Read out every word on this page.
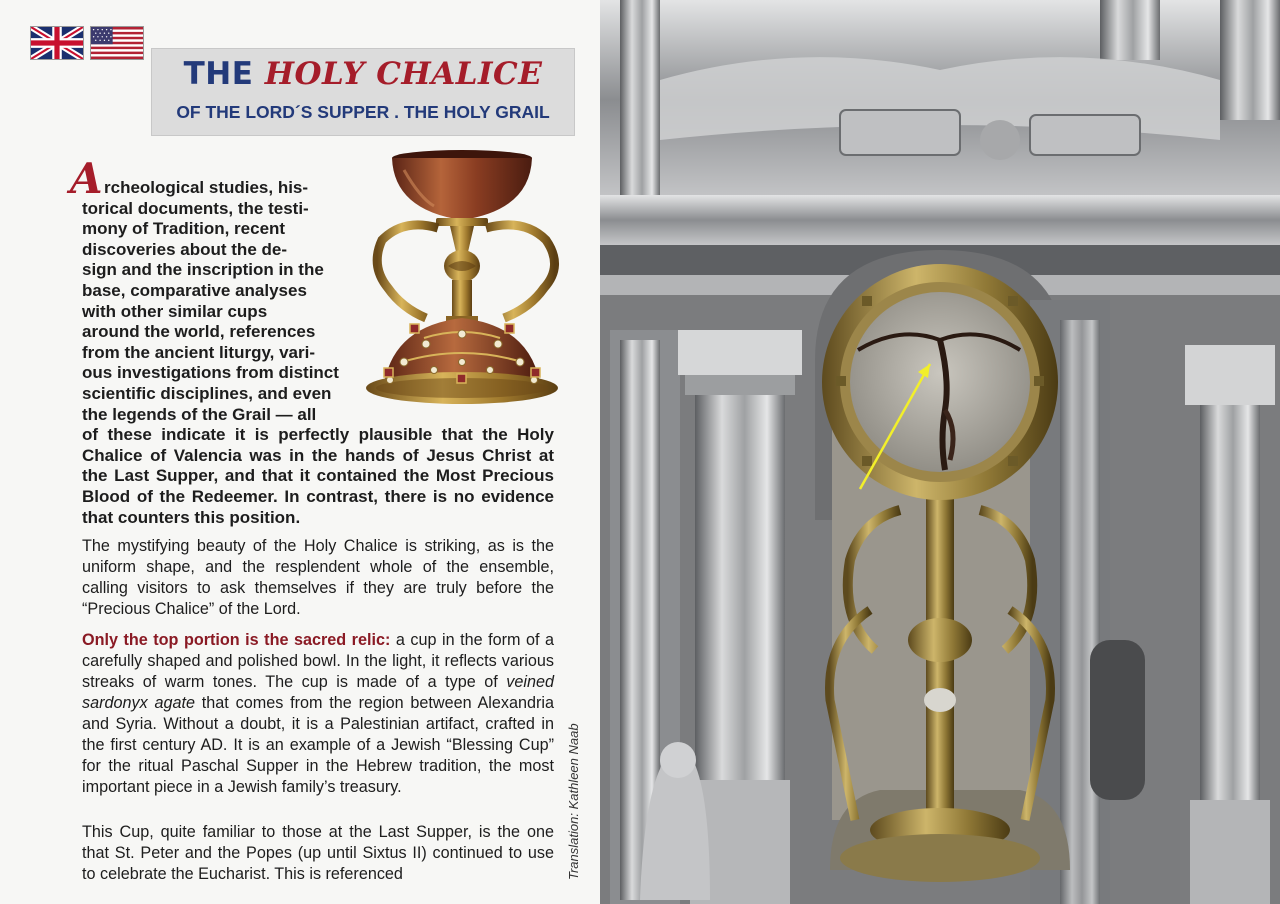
THE HOLY CHALICE
OF THE LORD´S SUPPER . THE HOLY GRAIL
A rcheological studies, his-
torical documents, the testi-
mony of Tradition, recent
discoveries about the de-
sign and the inscription in the
base, comparative analyses
with other similar cups
around the world, references
from the ancient liturgy, vari-
ous investigations from distinct
scientific disciplines, and even
the legends of the Grail — all
of these indicate it is perfectly plausible that the Holy Chalice of Valencia was in the hands of Jesus Christ at the Last Supper, and that it contained the Most Precious Blood of the Redeemer. In contrast, there is no evidence that counters this position.
The mystifying beauty of the Holy Chalice is striking, as is the uniform shape, and the resplendent whole of the ensemble, calling visitors to ask themselves if they are truly before the “Precious Chalice” of the Lord.
Only the top portion is the sacred relic: a cup in the form of a carefully shaped and polished bowl. In the light, it reflects various streaks of warm tones. The cup is made of a type of veined sardonyx agate that comes from the region between Alexandria and Syria. Without a doubt, it is a Palestinian artifact, crafted in the first century AD. It is an example of a Jewish “Blessing Cup” for the ritual Paschal Supper in the Hebrew tradition, the most important piece in a Jewish family’s treasury.
This Cup, quite familiar to those at the Last Supper, is the one that St. Peter and the Popes (up until Sixtus II) continued to use to celebrate the Eucharist. This is referenced	Translation: Kathleen Naab
